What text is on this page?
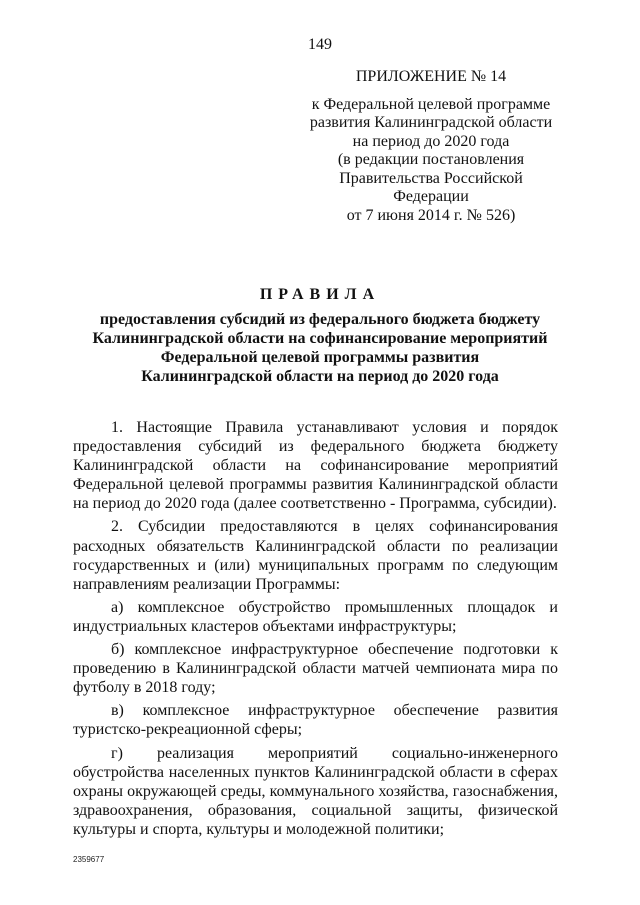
149
ПРИЛОЖЕНИЕ № 14
к Федеральной целевой программе
развития Калининградской области
на период до 2020 года
(в редакции постановления
Правительства Российской Федерации
от 7 июня 2014 г. № 526)
ПРАВИЛА
предоставления субсидий из федерального бюджета бюджету
Калининградской области на софинансирование мероприятий
Федеральной целевой программы развития
Калининградской области на период до 2020 года

1. Настоящие Правила устанавливают условия и порядок предоставления субсидий из федерального бюджета бюджету Калининградской области на софинансирование мероприятий Федеральной целевой программы развития Калининградской области на период до 2020 года (далее соответственно - Программа, субсидии).

2. Субсидии предоставляются в целях софинансирования расходных обязательств Калининградской области по реализации государственных и (или) муниципальных программ по следующим направлениям реализации Программы:

а) комплексное обустройство промышленных площадок и индустриальных кластеров объектами инфраструктуры;

б) комплексное инфраструктурное обеспечение подготовки к проведению в Калининградской области матчей чемпионата мира по футболу в 2018 году;

в) комплексное инфраструктурное обеспечение развития туристско-рекреационной сферы;

г) реализация мероприятий социально-инженерного обустройства населенных пунктов Калининградской области в сферах охраны окружающей среды, коммунального хозяйства, газоснабжения, здравоохранения, образования, социальной защиты, физической культуры и спорта, культуры и молодежной политики;

2359677
